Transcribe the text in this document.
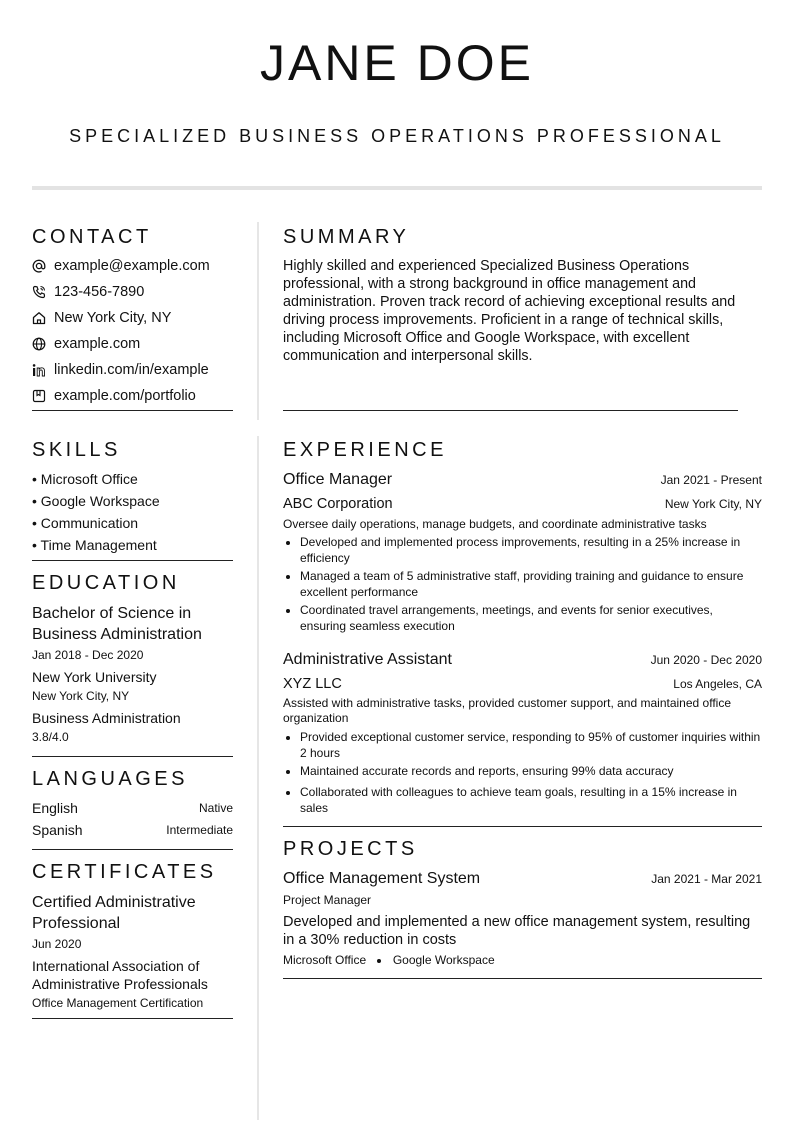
JANE DOE
SPECIALIZED BUSINESS OPERATIONS PROFESSIONAL
CONTACT
example@example.com
123-456-7890
New York City, NY
example.com
linkedin.com/in/example
example.com/portfolio
SKILLS
• Microsoft Office
• Google Workspace
• Communication
• Time Management
EDUCATION
Bachelor of Science in Business Administration
Jan 2018 - Dec 2020
New York University
New York City, NY
Business Administration
3.8/4.0
LANGUAGES
English	Native
Spanish	Intermediate
CERTIFICATES
Certified Administrative Professional
Jun 2020
International Association of Administrative Professionals
Office Management Certification
SUMMARY
Highly skilled and experienced Specialized Business Operations professional, with a strong background in office management and administration. Proven track record of achieving exceptional results and driving process improvements. Proficient in a range of technical skills, including Microsoft Office and Google Workspace, with excellent communication and interpersonal skills.
EXPERIENCE
Office Manager	Jan 2021 - Present
ABC Corporation	New York City, NY
Oversee daily operations, manage budgets, and coordinate administrative tasks
Developed and implemented process improvements, resulting in a 25% increase in efficiency
Managed a team of 5 administrative staff, providing training and guidance to ensure excellent performance
Coordinated travel arrangements, meetings, and events for senior executives, ensuring seamless execution
Administrative Assistant	Jun 2020 - Dec 2020
XYZ LLC	Los Angeles, CA
Assisted with administrative tasks, provided customer support, and maintained office organization
Provided exceptional customer service, responding to 95% of customer inquiries within 2 hours
Maintained accurate records and reports, ensuring 99% data accuracy
Collaborated with colleagues to achieve team goals, resulting in a 15% increase in sales
PROJECTS
Office Management System	Jan 2021 - Mar 2021
Project Manager
Developed and implemented a new office management system, resulting in a 30% reduction in costs
Microsoft Office Google Workspace
